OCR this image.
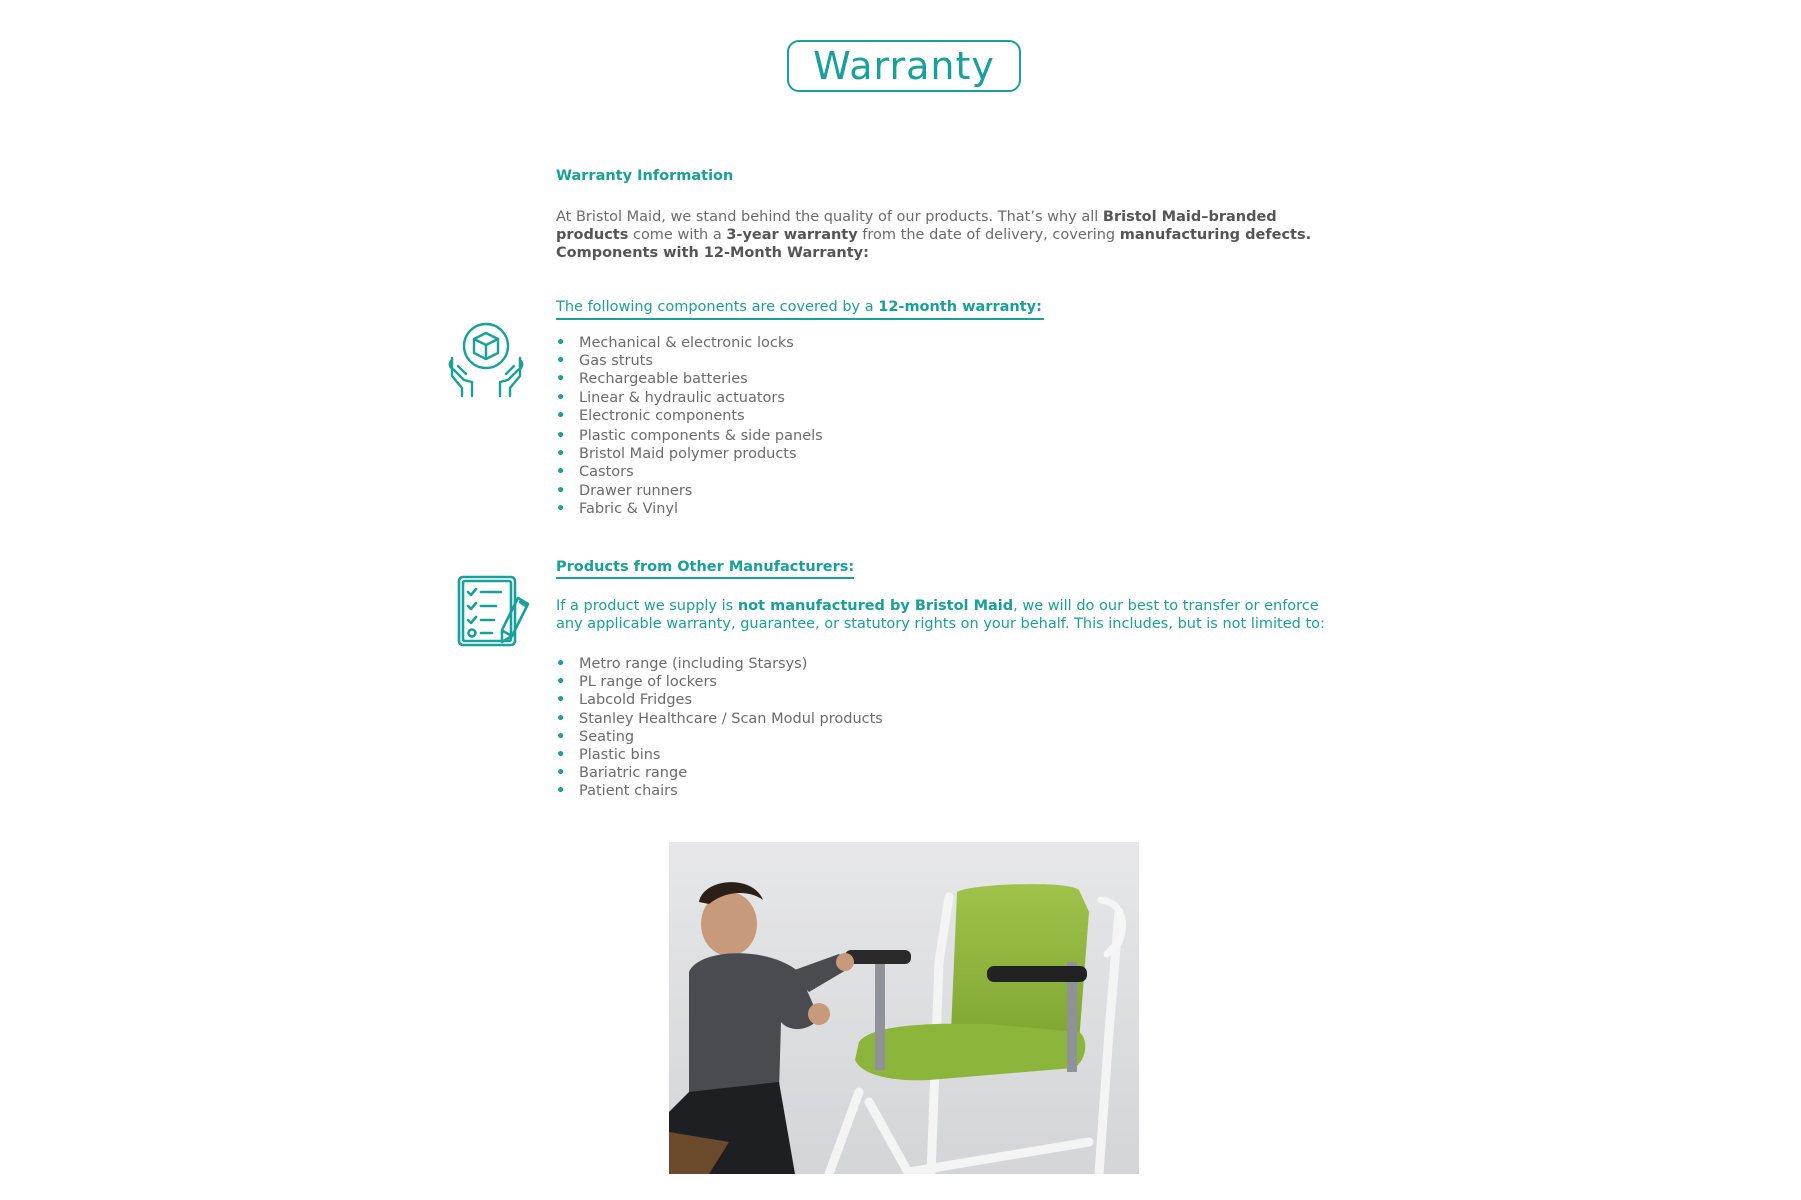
Warranty
Warranty Information
At Bristol Maid, we stand behind the quality of our products. That’s why all Bristol Maid–branded products come with a 3-year warranty from the date of delivery, covering manufacturing defects.
Components with 12-Month Warranty:
The following components are covered by a 12-month warranty:
• Mechanical & electronic locks
• Gas struts
• Rechargeable batteries
• Linear & hydraulic actuators
• Electronic components
• Plastic components & side panels
• Bristol Maid polymer products
• Castors
• Drawer runners
• Fabric & Vinyl
Products from Other Manufacturers:
If a product we supply is not manufactured by Bristol Maid, we will do our best to transfer or enforce any applicable warranty, guarantee, or statutory rights on your behalf. This includes, but is not limited to:
• Metro range (including Starsys)
• PL range of lockers
• Labcold Fridges
• Stanley Healthcare / Scan Modul products
• Seating
• Plastic bins
• Bariatric range
• Patient chairs
